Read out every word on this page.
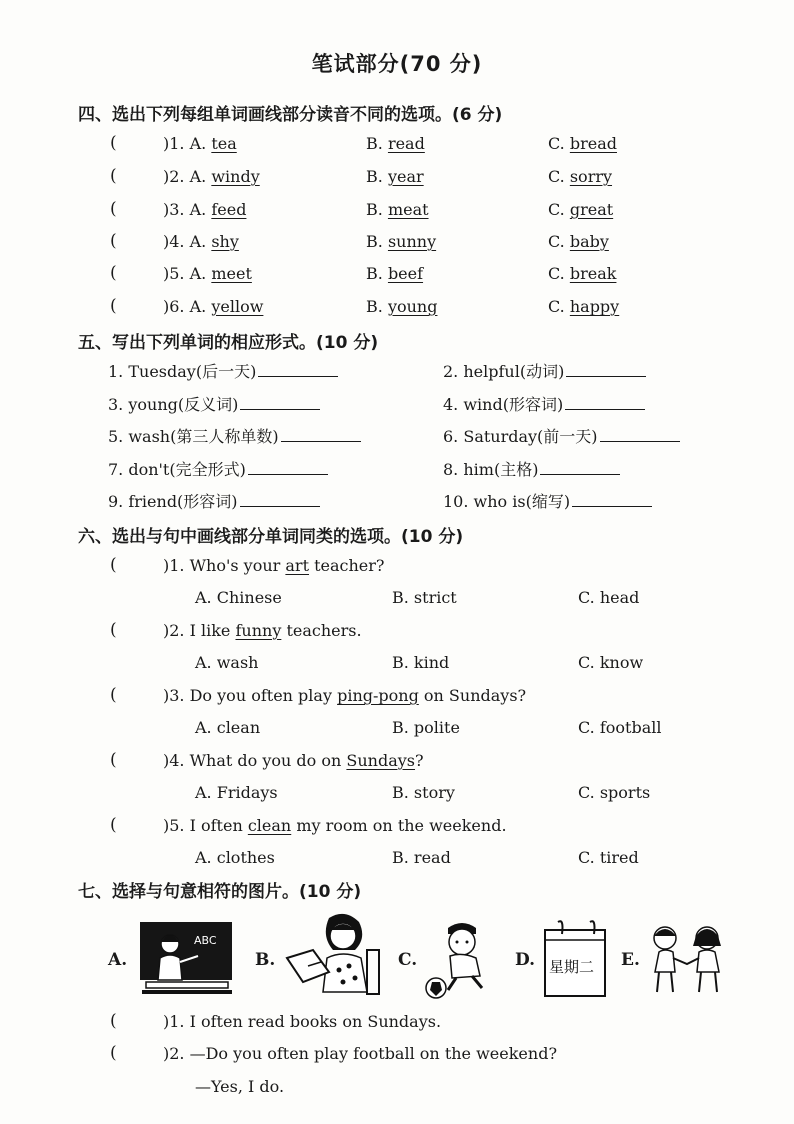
笔试部分(70 分)
四、选出下列每组单词画线部分读音不同的选项。(6 分)
(	)1. A. tea	B. read	C. bread
(	)2. A. windy	B. year	C. sorry
(	)3. A. feed	B. meat	C. great
(	)4. A. shy	B. sunny	C. baby
(	)5. A. meet	B. beef	C. break
(	)6. A. yellow	B. young	C. happy
五、写出下列单词的相应形式。(10 分)
1. Tuesday(后一天)	2. helpful(动词)
3. young(反义词)	4. wind(形容词)
5. wash(第三人称单数)	6. Saturday(前一天)
7. don't(完全形式)	8. him(主格)
9. friend(形容词)	10. who is(缩写)
六、选出与句中画线部分单词同类的选项。(10 分)
(	)1. Who's your art teacher?
A. Chinese	B. strict	C. head
(	)2. I like funny teachers.
A. wash	B. kind	C. know
(	)3. Do you often play ping-pong on Sundays?
A. clean	B. polite	C. football
(	)4. What do you do on Sundays?
A. Fridays	B. story	C. sports
(	)5. I often clean my room on the weekend.
A. clothes	B. read	C. tired
七、选择与句意相符的图片。(10 分)
A.
ABC
B.	C.	D. 星期二 E.
(	)1. I often read books on Sundays.
(	)2. —Do you often play football on the weekend?
—Yes, I do.
